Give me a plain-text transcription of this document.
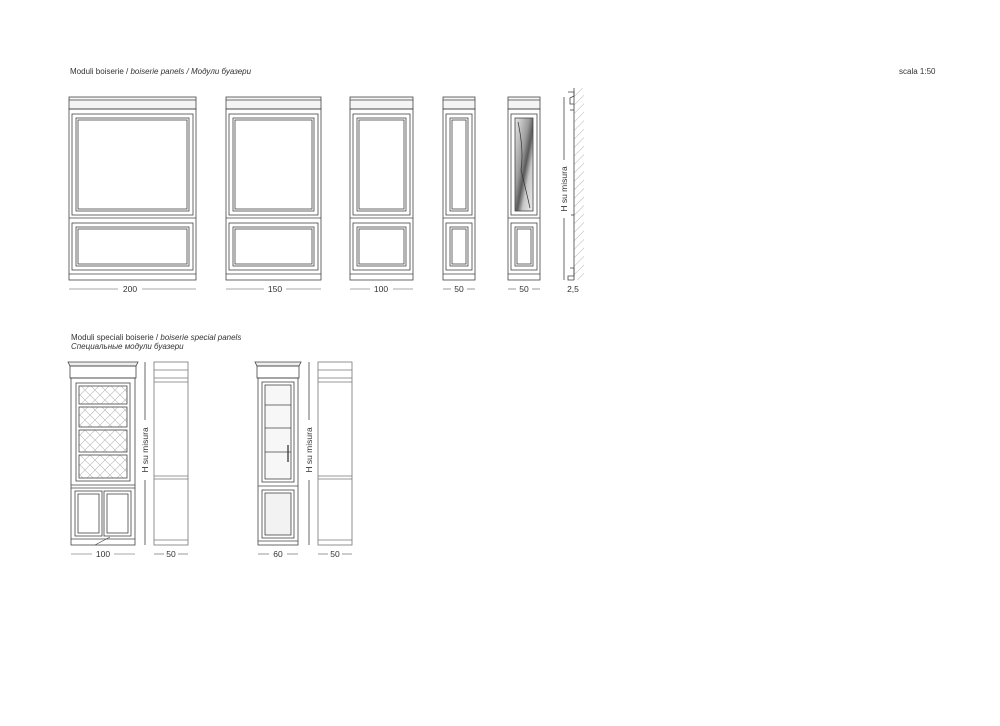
Moduli boiserie / boiserie panels / Модули буазери	scala 1:50
Moduli speciali boiserie / boiserie special panels
Специальные модули буазери
200	150	100	50	50	2,5
H su misura
H su misura	H su misura
100	50	60	50
